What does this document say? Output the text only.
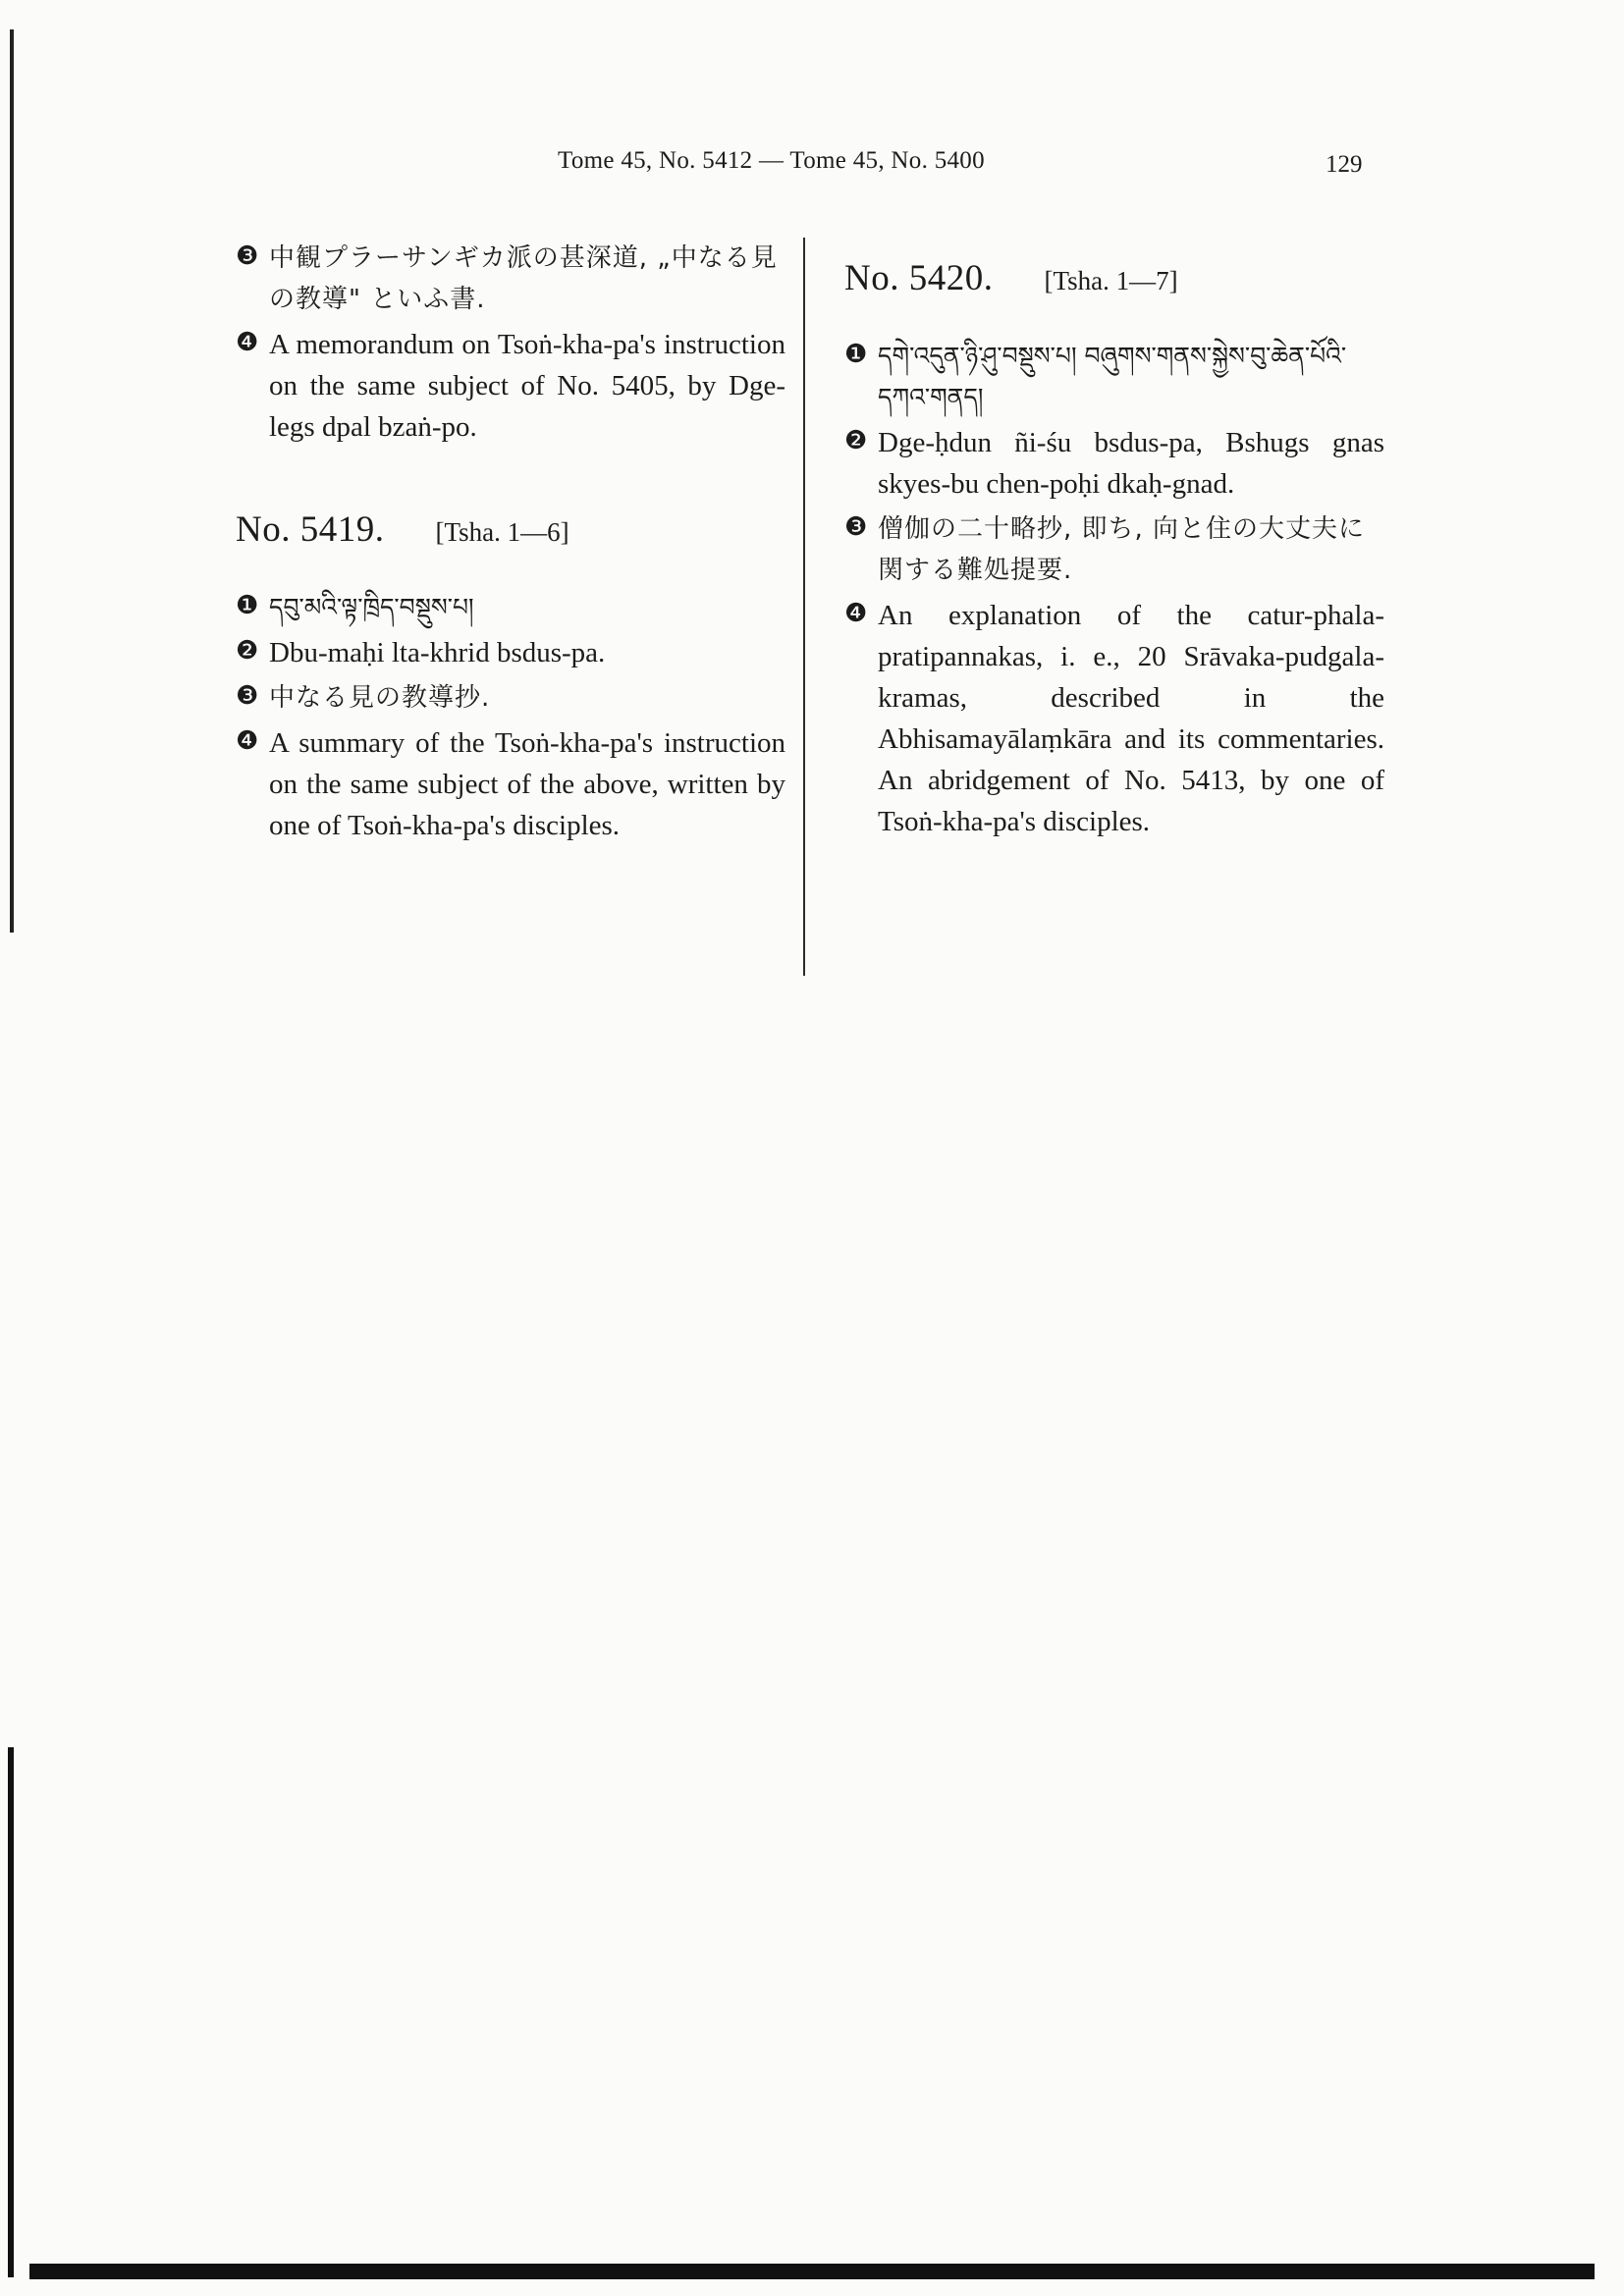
Tome 45, No. 5412 — Tome 45, No. 5400	129
❸ 中観プラーサンギカ派の甚深道, „中なる見の教導" といふ書.
❹ A memorandum on Tsoṅ-kha-pa's instruction on the same subject of No. 5405, by Dge-legs dpal bzaṅ-po.
No. 5419. [Tsha. 1—6]
❶ དབུ་མའི་ལྟ་ཁྲིད་བསྡུས་པ།
❷ Dbu-maḥi lta-khrid bsdus-pa.
❸ 中なる見の教導抄.
❹ A summary of the Tsoṅ-kha-pa's instruction on the same subject of the above, written by one of Tsoṅ-kha-pa's disciples.
No. 5420. [Tsha. 1—7]
❶ དགེ་འདུན་ཉི་ཤུ་བསྡུས་པ། བཞུགས་གནས་སྐྱེས་བུ་ཆེན་པོའི་དཀའ་གནད།
❷ Dge-ḥdun ñi-śu bsdus-pa, Bshugs gnas skyes-bu chen-poḥi dkaḥ-gnad.
❸ 僧伽の二十略抄, 即ち, 向と住の大丈夫に関する難処提要.
❹ An explanation of the catur-phala-pratipannakas, i. e., 20 Srāvaka-pudgala-kramas, described in the Abhisamayālaṃkāra and its commentaries. An abridgement of No. 5413, by one of Tsoṅ-kha-pa's disciples.
